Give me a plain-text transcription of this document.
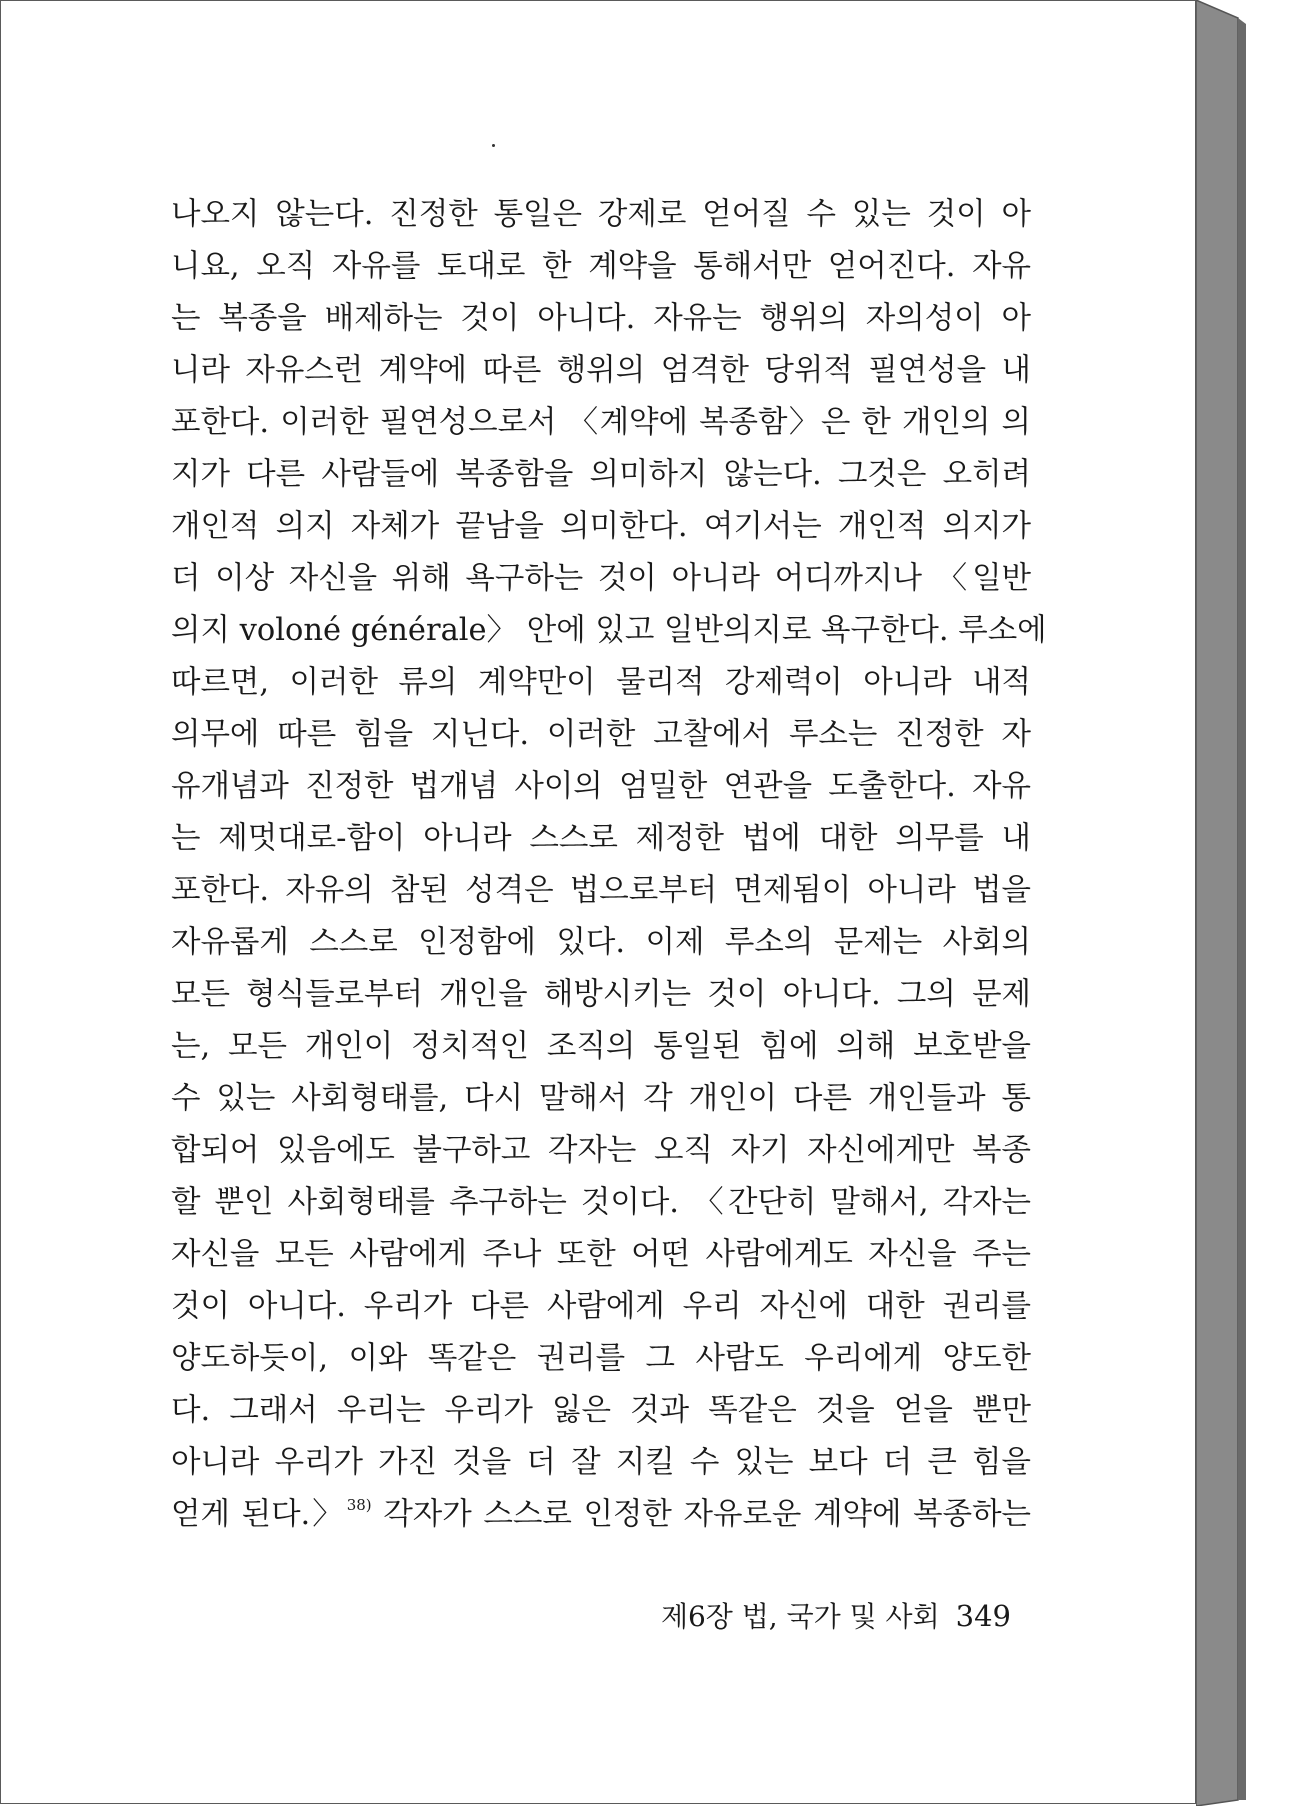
나오지 않는다. 진정한 통일은 강제로 얻어질 수 있는 것이 아
니요, 오직 자유를 토대로 한 계약을 통해서만 얻어진다. 자유
는 복종을 배제하는 것이 아니다. 자유는 행위의 자의성이 아
니라 자유스런 계약에 따른 행위의 엄격한 당위적 필연성을 내
포한다. 이러한 필연성으로서 〈계약에 복종함〉은 한 개인의 의
지가 다른 사람들에 복종함을 의미하지 않는다. 그것은 오히려
개인적 의지 자체가 끝남을 의미한다. 여기서는 개인적 의지가
더 이상 자신을 위해 욕구하는 것이 아니라 어디까지나 〈일반
의지 voloné générale〉 안에 있고 일반의지로 욕구한다. 루소에
따르면, 이러한 류의 계약만이 물리적 강제력이 아니라 내적
의무에 따른 힘을 지닌다. 이러한 고찰에서 루소는 진정한 자
유개념과 진정한 법개념 사이의 엄밀한 연관을 도출한다. 자유
는 제멋대로-함이 아니라 스스로 제정한 법에 대한 의무를 내
포한다. 자유의 참된 성격은 법으로부터 면제됨이 아니라 법을
자유롭게 스스로 인정함에 있다. 이제 루소의 문제는 사회의
모든 형식들로부터 개인을 해방시키는 것이 아니다. 그의 문제
는, 모든 개인이 정치적인 조직의 통일된 힘에 의해 보호받을
수 있는 사회형태를, 다시 말해서 각 개인이 다른 개인들과 통
합되어 있음에도 불구하고 각자는 오직 자기 자신에게만 복종
할 뿐인 사회형태를 추구하는 것이다. 〈간단히 말해서, 각자는
자신을 모든 사람에게 주나 또한 어떤 사람에게도 자신을 주는
것이 아니다. 우리가 다른 사람에게 우리 자신에 대한 권리를
양도하듯이, 이와 똑같은 권리를 그 사람도 우리에게 양도한
다. 그래서 우리는 우리가 잃은 것과 똑같은 것을 얻을 뿐만
아니라 우리가 가진 것을 더 잘 지킬 수 있는 보다 더 큰 힘을
얻게 된다.〉 $^{38)}$ 각자가 스스로 인정한 자유로운 계약에 복종하는
제6장 법, 국가 및 사회 349
